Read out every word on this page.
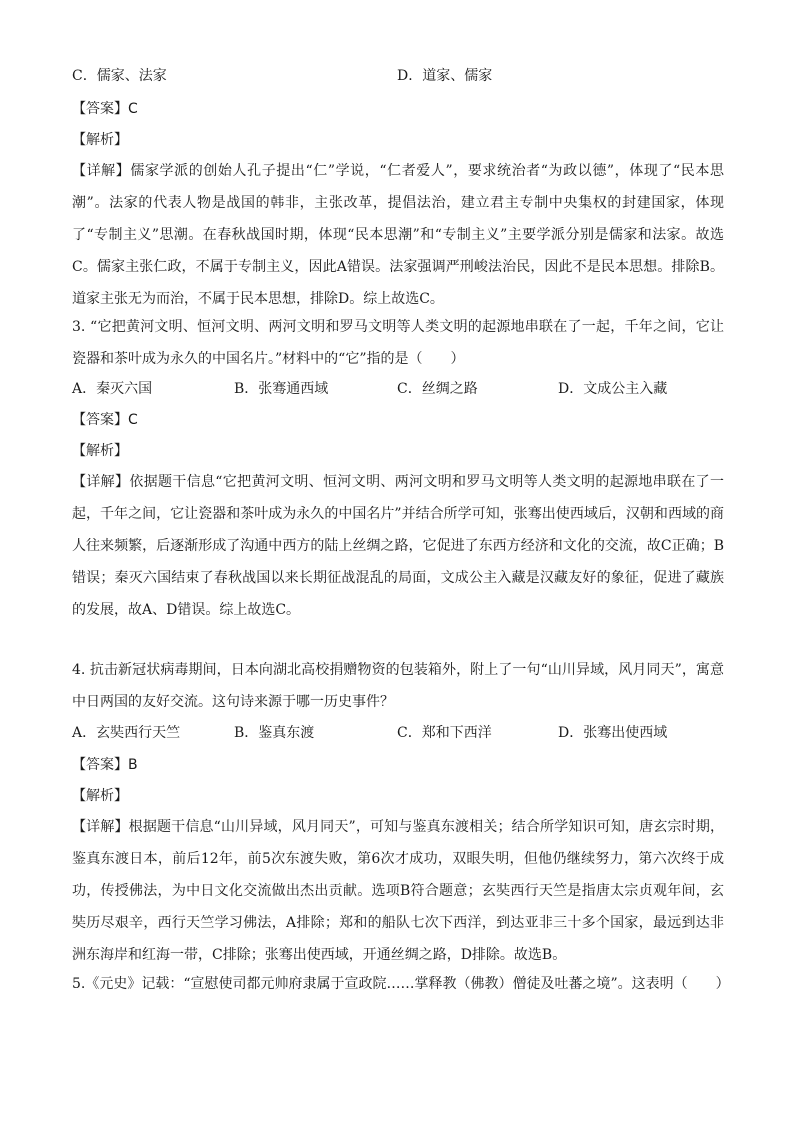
C．儒家、法家	D．道家、儒家
【答案】C
【解析】
【详解】儒家学派的创始人孔子提出“仁”学说，“仁者爱人”，要求统治者“为政以德”，体现了“民本思潮”。法家的代表人物是战国的韩非，主张改革，提倡法治，建立君主专制中央集权的封建国家，体现了“专制主义”思潮。在春秋战国时期，体现“民本思潮”和“专制主义”主要学派分别是儒家和法家。故选C。儒家主张仁政，不属于专制主义，因此A错误。法家强调严刑峻法治民，因此不是民本思想。排除B。道家主张无为而治，不属于民本思想，排除D。综上故选C。
3. “它把黄河文明、恒河文明、两河文明和罗马文明等人类文明的起源地串联在了一起，千年之间，它让瓷器和茶叶成为永久的中国名片。”材料中的“它”指的是（　　）
A．秦灭六国	B．张骞通西域	C．丝绸之路	D．文成公主入藏
【答案】C
【解析】
【详解】依据题干信息“它把黄河文明、恒河文明、两河文明和罗马文明等人类文明的起源地串联在了一起，千年之间，它让瓷器和茶叶成为永久的中国名片”并结合所学可知，张骞出使西域后，汉朝和西域的商人往来频繁，后逐渐形成了沟通中西方的陆上丝绸之路，它促进了东西方经济和文化的交流，故C正确；B错误；秦灭六国结束了春秋战国以来长期征战混乱的局面，文成公主入藏是汉藏友好的象征，促进了藏族的发展，故A、D错误。综上故选C。
4. 抗击新冠状病毒期间，日本向湖北高校捐赠物资的包装箱外，附上了一句“山川异域，风月同天”，寓意中日两国的友好交流。这句诗来源于哪一历史事件？
A．玄奘西行天竺	B．鉴真东渡	C．郑和下西洋	D．张骞出使西域
【答案】B
【解析】
【详解】根据题干信息“山川异域，风月同天”，可知与鉴真东渡相关；结合所学知识可知，唐玄宗时期，鉴真东渡日本，前后12年，前5次东渡失败，第6次才成功，双眼失明，但他仍继续努力，第六次终于成功，传授佛法，为中日文化交流做出杰出贡献。选项B符合题意；玄奘西行天竺是指唐太宗贞观年间，玄奘历尽艰辛，西行天竺学习佛法，A排除；郑和的船队七次下西洋，到达亚非三十多个国家，最远到达非洲东海岸和红海一带，C排除；张骞出使西域，开通丝绸之路，D排除。故选B。
5.《元史》记载：“宣慰使司都元帅府隶属于宣政院……掌释教（佛教）僧徒及吐蕃之境”。这表明（　　）
